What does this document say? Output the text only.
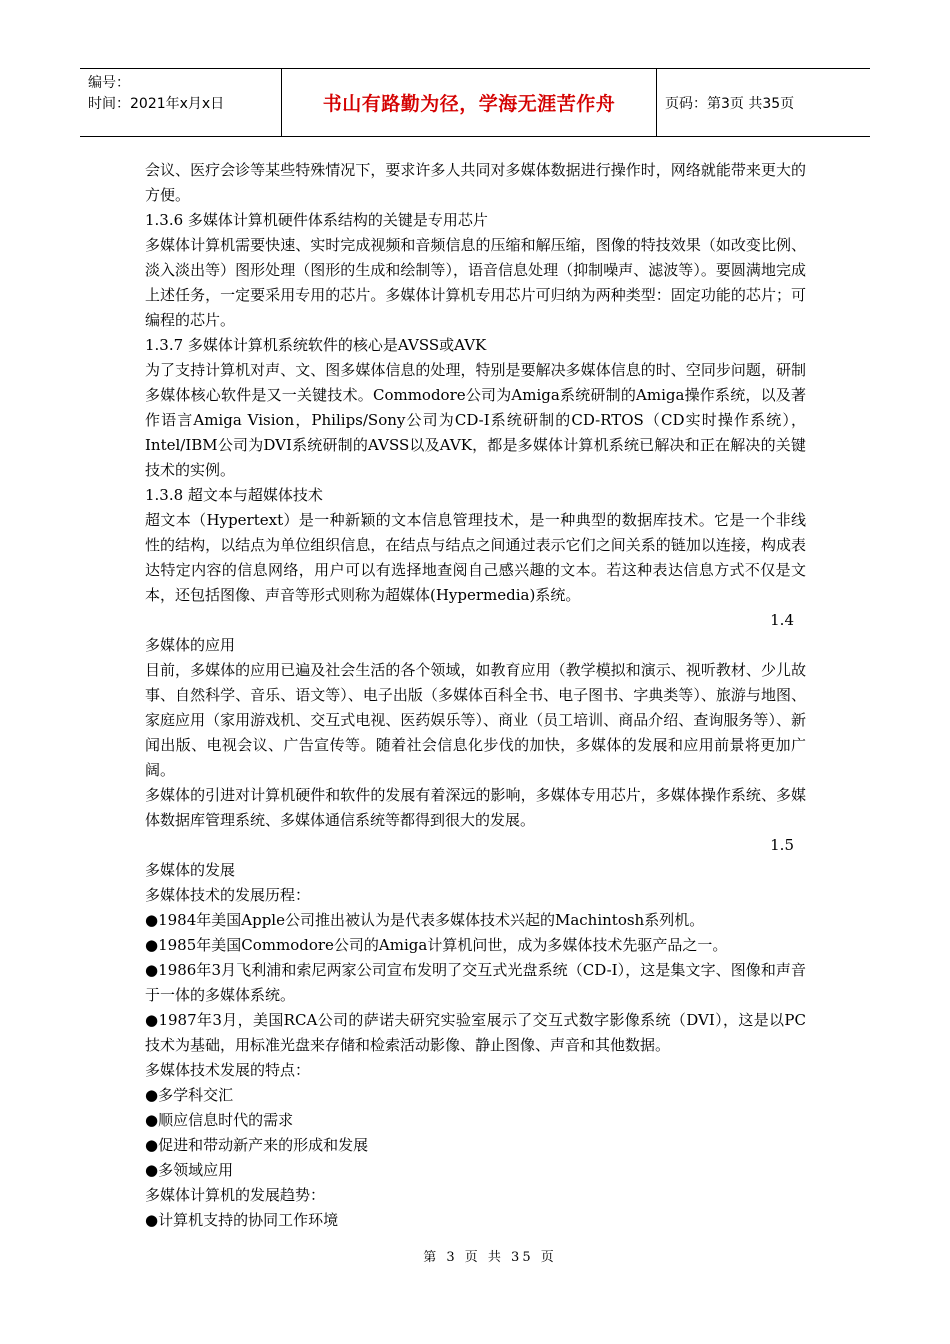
编号：
时间：2021年x月x日	书山有路勤为径，学海无涯苦作舟	页码：第3页 共35页

会议、医疗会诊等某些特殊情况下，要求许多人共同对多媒体数据进行操作时，网络就能带来更大的方便。

1.3.6 多媒体计算机硬件体系结构的关键是专用芯片

多媒体计算机需要快速、实时完成视频和音频信息的压缩和解压缩，图像的特技效果（如改变比例、淡入淡出等）图形处理（图形的生成和绘制等），语音信息处理（抑制噪声、滤波等）。要圆满地完成上述任务，一定要采用专用的芯片。多媒体计算机专用芯片可归纳为两种类型：固定功能的芯片；可编程的芯片。

1.3.7 多媒体计算机系统软件的核心是AVSS或AVK

为了支持计算机对声、文、图多媒体信息的处理，特别是要解决多媒体信息的时、空同步问题，研制多媒体核心软件是又一关键技术。Commodore公司为Amiga系统研制的Amiga操作系统，以及著作语言Amiga Vision，Philips/Sony公司为CD-I系统研制的CD-RTOS（CD实时操作系统），Intel/IBM公司为DVI系统研制的AVSS以及AVK，都是多媒体计算机系统已解决和正在解决的关键技术的实例。

1.3.8 超文本与超媒体技术

超文本（Hypertext）是一种新颖的文本信息管理技术，是一种典型的数据库技术。它是一个非线性的结构，以结点为单位组织信息，在结点与结点之间通过表示它们之间关系的链加以连接，构成表达特定内容的信息网络，用户可以有选择地查阅自己感兴趣的文本。若这种表达信息方式不仅是文本，还包括图像、声音等形式则称为超媒体(Hypermedia)系统。

1.4

多媒体的应用

目前，多媒体的应用已遍及社会生活的各个领域，如教育应用（教学模拟和演示、视听教材、少儿故事、自然科学、音乐、语文等）、电子出版（多媒体百科全书、电子图书、字典类等）、旅游与地图、家庭应用（家用游戏机、交互式电视、医药娱乐等）、商业（员工培训、商品介绍、查询服务等）、新闻出版、电视会议、广告宣传等。随着社会信息化步伐的加快，多媒体的发展和应用前景将更加广阔。

多媒体的引进对计算机硬件和软件的发展有着深远的影响，多媒体专用芯片，多媒体操作系统、多媒体数据库管理系统、多媒体通信系统等都得到很大的发展。

1.5

多媒体的发展

多媒体技术的发展历程：

●1984年美国Apple公司推出被认为是代表多媒体技术兴起的Machintosh系列机。

●1985年美国Commodore公司的Amiga计算机问世，成为多媒体技术先驱产品之一。

●1986年3月飞利浦和索尼两家公司宣布发明了交互式光盘系统（CD-I），这是集文字、图像和声音于一体的多媒体系统。

●1987年3月，美国RCA公司的萨诺夫研究实验室展示了交互式数字影像系统（DVI），这是以PC技术为基础，用标准光盘来存储和检索活动影像、静止图像、声音和其他数据。

多媒体技术发展的特点：

●多学科交汇

●顺应信息时代的需求

●促进和带动新产来的形成和发展

●多领域应用

多媒体计算机的发展趋势：

●计算机支持的协同工作环境

第 3 页 共 35 页
